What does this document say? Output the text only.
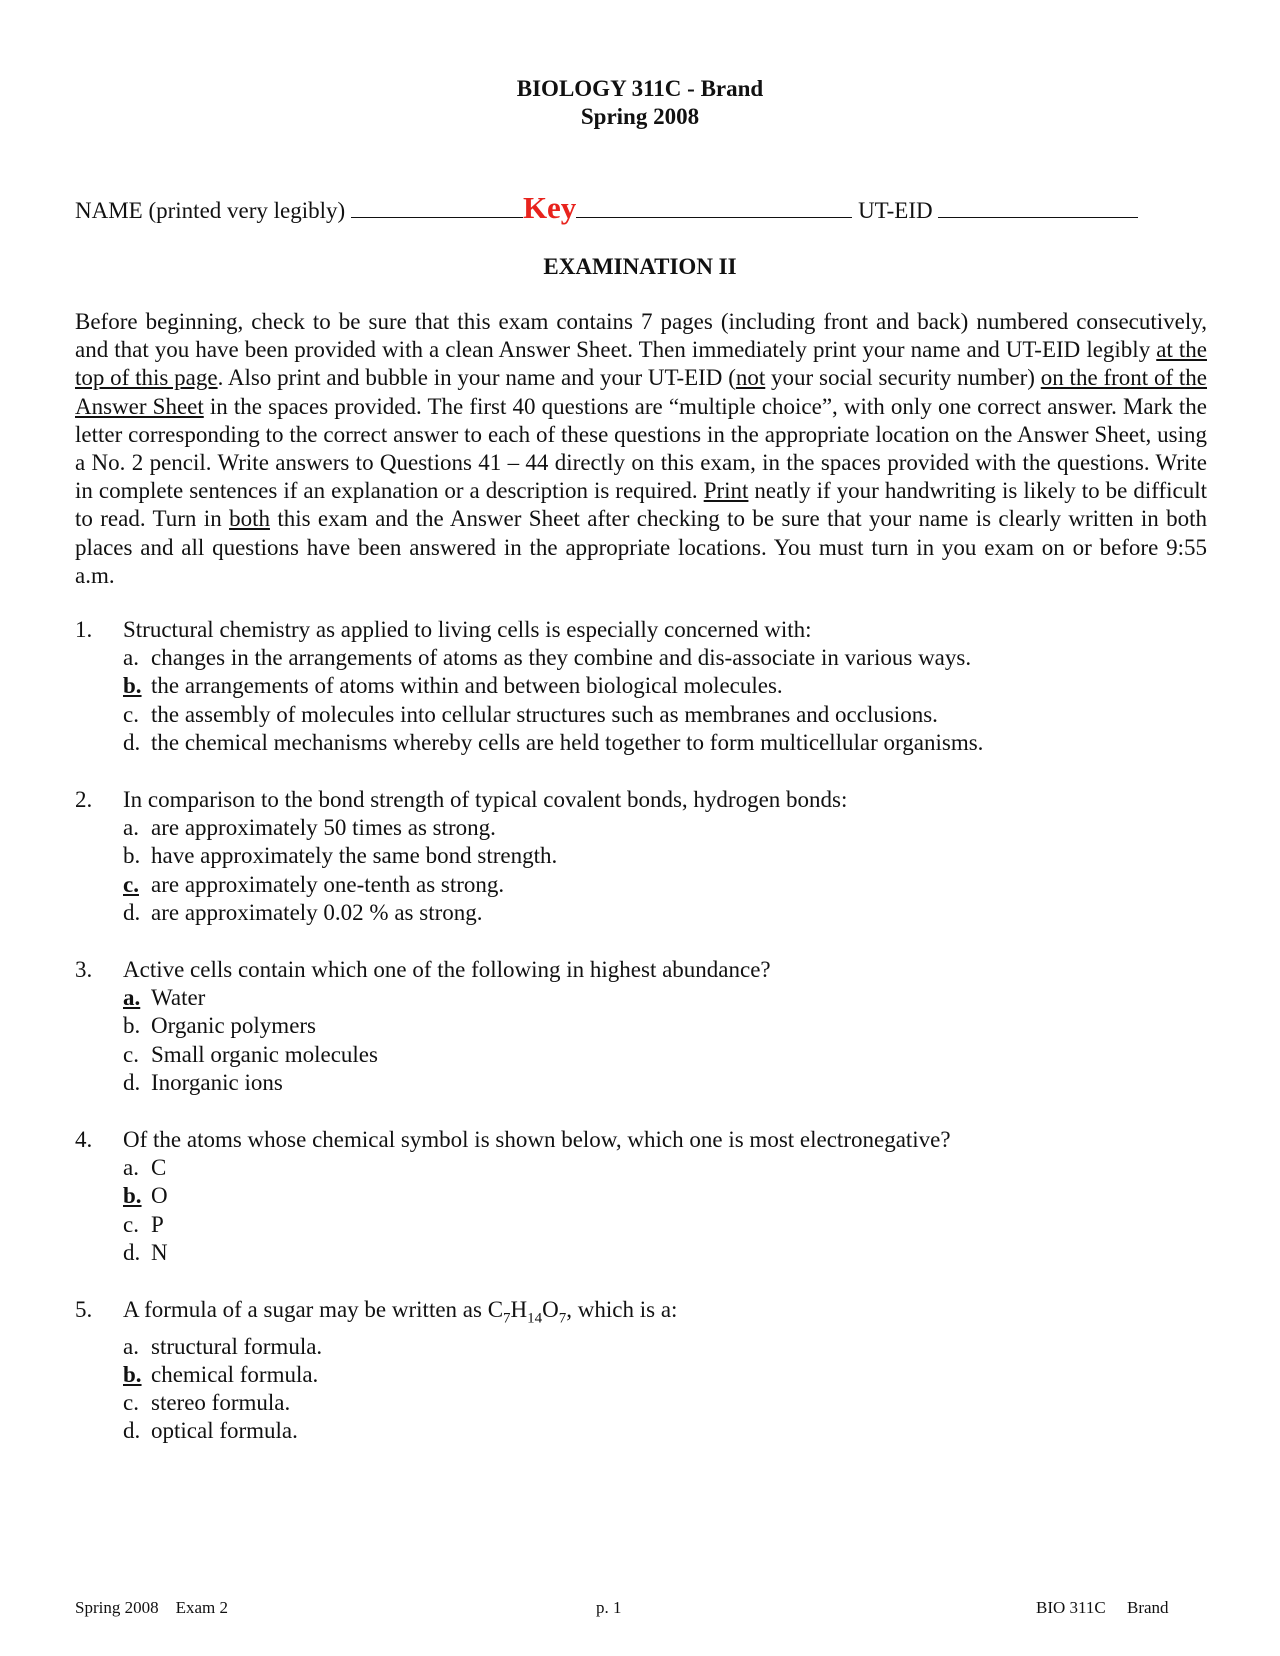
BIOLOGY 311C - Brand
Spring 2008
NAME (printed very legibly)	Key	UT-EID
EXAMINATION II

Before beginning, check to be sure that this exam contains 7 pages (including front and back) numbered consecutively, and that you have been provided with a clean Answer Sheet. Then immediately print your name and UT-EID legibly at the top of this page. Also print and bubble in your name and your UT-EID (not your social security number) on the front of the Answer Sheet in the spaces provided. The first 40 questions are “multiple choice”, with only one correct answer. Mark the letter corresponding to the correct answer to each of these questions in the appropriate location on the Answer Sheet, using a No. 2 pencil. Write answers to Questions 41 – 44 directly on this exam, in the spaces provided with the questions. Write in complete sentences if an explanation or a description is required. Print neatly if your handwriting is likely to be difficult to read. Turn in both this exam and the Answer Sheet after checking to be sure that your name is clearly written in both places and all questions have been answered in the appropriate locations. You must turn in you exam on or before 9:55 a.m.

1. Structural chemistry as applied to living cells is especially concerned with:
a. changes in the arrangements of atoms as they combine and dis-associate in various ways.
b. the arrangements of atoms within and between biological molecules.
c. the assembly of molecules into cellular structures such as membranes and occlusions.
d. the chemical mechanisms whereby cells are held together to form multicellular organisms.
2. In comparison to the bond strength of typical covalent bonds, hydrogen bonds:
a. are approximately 50 times as strong.
b. have approximately the same bond strength.
c. are approximately one-tenth as strong.
d. are approximately 0.02 % as strong.
3. Active cells contain which one of the following in highest abundance?
a. Water
b. Organic polymers
c. Small organic molecules
d. Inorganic ions
4. Of the atoms whose chemical symbol is shown below, which one is most electronegative?
a. C
b. O
c. P
d. N
5. A formula of a sugar may be written as $C_7H_{14}O_7$, which is a:
a. structural formula.
b. chemical formula.
c. stereo formula.
d. optical formula.
Spring 2008    Exam 2	p. 1	BIO 311C     Brand
